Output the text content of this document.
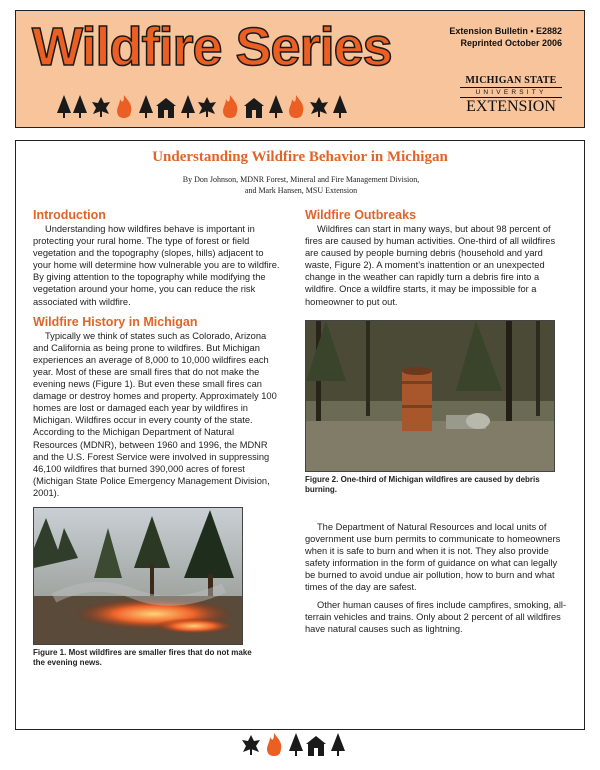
Wildfire Series	Extension Bulletin • E2882
Reprinted October 2006
MICHIGAN STATE
UNIVERSITY
EXTENSION
Understanding Wildfire Behavior in Michigan
By Don Johnson, MDNR Forest, Mineral and Fire Management Division,
and Mark Hansen, MSU Extension
Introduction

Understanding how wildfires behave is important in protecting your rural home. The type of forest or field vegetation and the topography (slopes, hills) adjacent to your home will determine how vulnerable you are to wildfire. By giving attention to the topography while modifying the vegetation around your home, you can reduce the risk associated with wildfire.

Wildfire History in Michigan

Typically we think of states such as Colorado, Arizona and California as being prone to wildfires. But Michigan experiences an average of 8,000 to 10,000 wildfires each year. Most of these are small fires that do not make the evening news (Figure 1). But even these small fires can damage or destroy homes and property. Approximately 100 homes are lost or damaged each year by wildfires in Michigan. Wildfires occur in every county of the state. According to the Michigan Department of Natural Resources (MDNR), between 1960 and 1996, the MDNR and the U.S. Forest Service were involved in suppressing 46,100 wildfires that burned 390,000 acres of forest (Michigan State Police Emergency Management Division, 2001).

Figure 1. Most wildfires are smaller fires that do not make the evening news.
Wildfire Outbreaks

Wildfires can start in many ways, but about 98 percent of fires are caused by human activities. One-third of all wildfires are caused by people burning debris (household and yard waste, Figure 2). A moment’s inattention or an unexpected change in the weather can rapidly turn a debris fire into a wildfire. Once a wildfire starts, it may be impossible for a homeowner to put out.

Figure 2. One-third of Michigan wildfires are caused by debris burning.

The Department of Natural Resources and local units of government use burn permits to communicate to homeowners when it is safe to burn and when it is not. They also provide safety information in the form of guidance on what can legally be burned to avoid undue air pollution, how to burn and what times of the day are safest.

Other human causes of fires include campfires, smoking, all-terrain vehicles and trains. Only about 2 percent of all wildfires have natural causes such as lightning.
